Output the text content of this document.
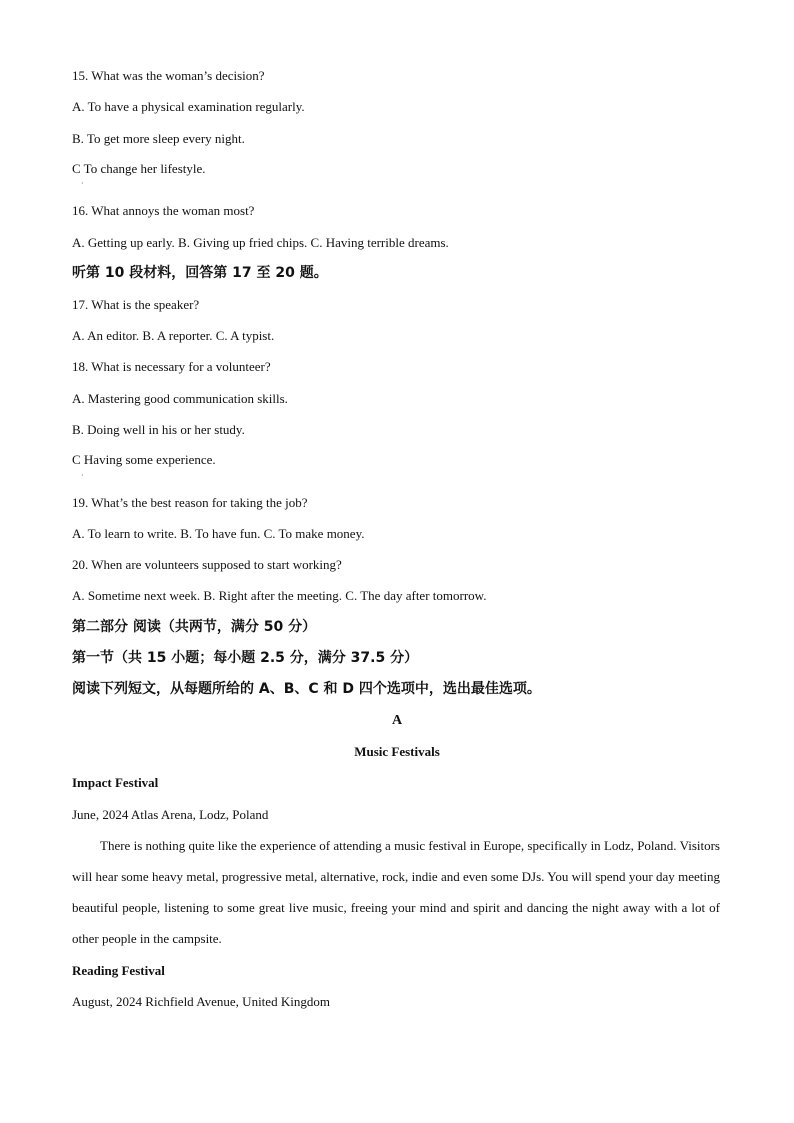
15. What was the woman’s decision?
A. To have a physical examination regularly.
B. To get more sleep every night.
C To change her lifestyle.
·
16. What annoys the woman most?
A. Getting up early. B. Giving up fried chips. C. Having terrible dreams.
听第 10 段材料，回答第 17 至 20 题。
17. What is the speaker?
A. An editor. B. A reporter. C. A typist.
18. What is necessary for a volunteer?
A. Mastering good communication skills.
B. Doing well in his or her study.
C Having some experience.
·
19. What’s the best reason for taking the job?
A. To learn to write. B. To have fun. C. To make money.
20. When are volunteers supposed to start working?
A. Sometime next week. B. Right after the meeting. C. The day after tomorrow.
第二部分 阅读（共两节，满分 50 分）
第一节（共 15 小题；每小题 2.5 分，满分 37.5 分）
阅读下列短文，从每题所给的 A、B、C 和 D 四个选项中，选出最佳选项。
A
Music Festivals
Impact Festival
June, 2024 Atlas Arena, Lodz, Poland
There is nothing quite like the experience of attending a music festival in Europe, specifically in Lodz, Poland. Visitors will hear some heavy metal, progressive metal, alternative, rock, indie and even some DJs. You will spend your day meeting beautiful people, listening to some great live music, freeing your mind and spirit and dancing the night away with a lot of other people in the campsite.
Reading Festival
August, 2024 Richfield Avenue, United Kingdom
